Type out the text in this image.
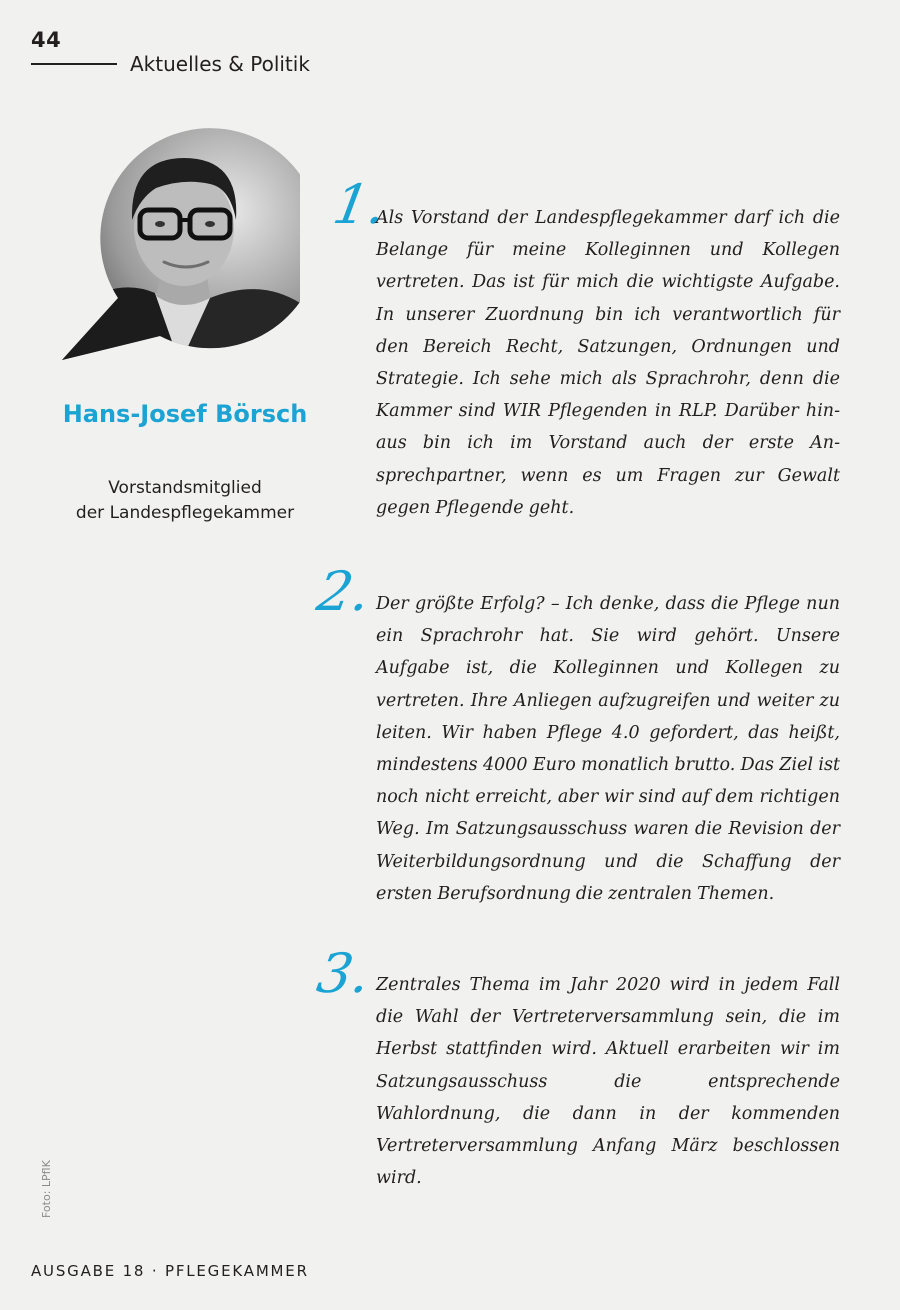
44
Aktuelles & Politik
Hans-Josef Börsch
Vorstandsmitglied
der Landespflegekammer
1.
Als Vorstand der Landespflegekammer darf ich die Belange für meine Kolleginnen und Kollegen vertreten. Das ist für mich die wichtigste Aufgabe. In unserer Zuordnung bin ich verantwortlich für den Bereich Recht, Satzungen, Ordnungen und Strategie. Ich sehe mich als Sprachrohr, denn die Kammer sind WIR Pflegenden in RLP. Darüber hinaus bin ich im Vorstand auch der erste Ansprechpartner, wenn es um Fragen zur Gewalt gegen Pflegende geht.
2. Der größte Erfolg? – Ich denke, dass die Pflege nun ein Sprachrohr hat. Sie wird gehört. Unsere Aufgabe ist, die Kolleginnen und Kollegen zu vertreten. Ihre Anliegen aufzugreifen und weiter zu leiten. Wir haben Pflege 4.0 gefordert, das heißt, mindestens 4000 Euro monatlich brutto. Das Ziel ist noch nicht erreicht, aber wir sind auf dem richtigen Weg. Im Satzungsausschuss waren die Revision der Weiterbildungsordnung und die Schaffung der ersten Berufsordnung die zentralen Themen.
3. Zentrales Thema im Jahr 2020 wird in jedem Fall die Wahl der Vertreterversammlung sein, die im Herbst stattfinden wird. Aktuell erarbeiten wir im Satzungsausschuss die entsprechende Wahlordnung, die dann in der kommenden Vertreterversammlung Anfang März beschlossen wird.
Foto: LPflK
AUSGABE 18 · PFLEGEKAMMER
